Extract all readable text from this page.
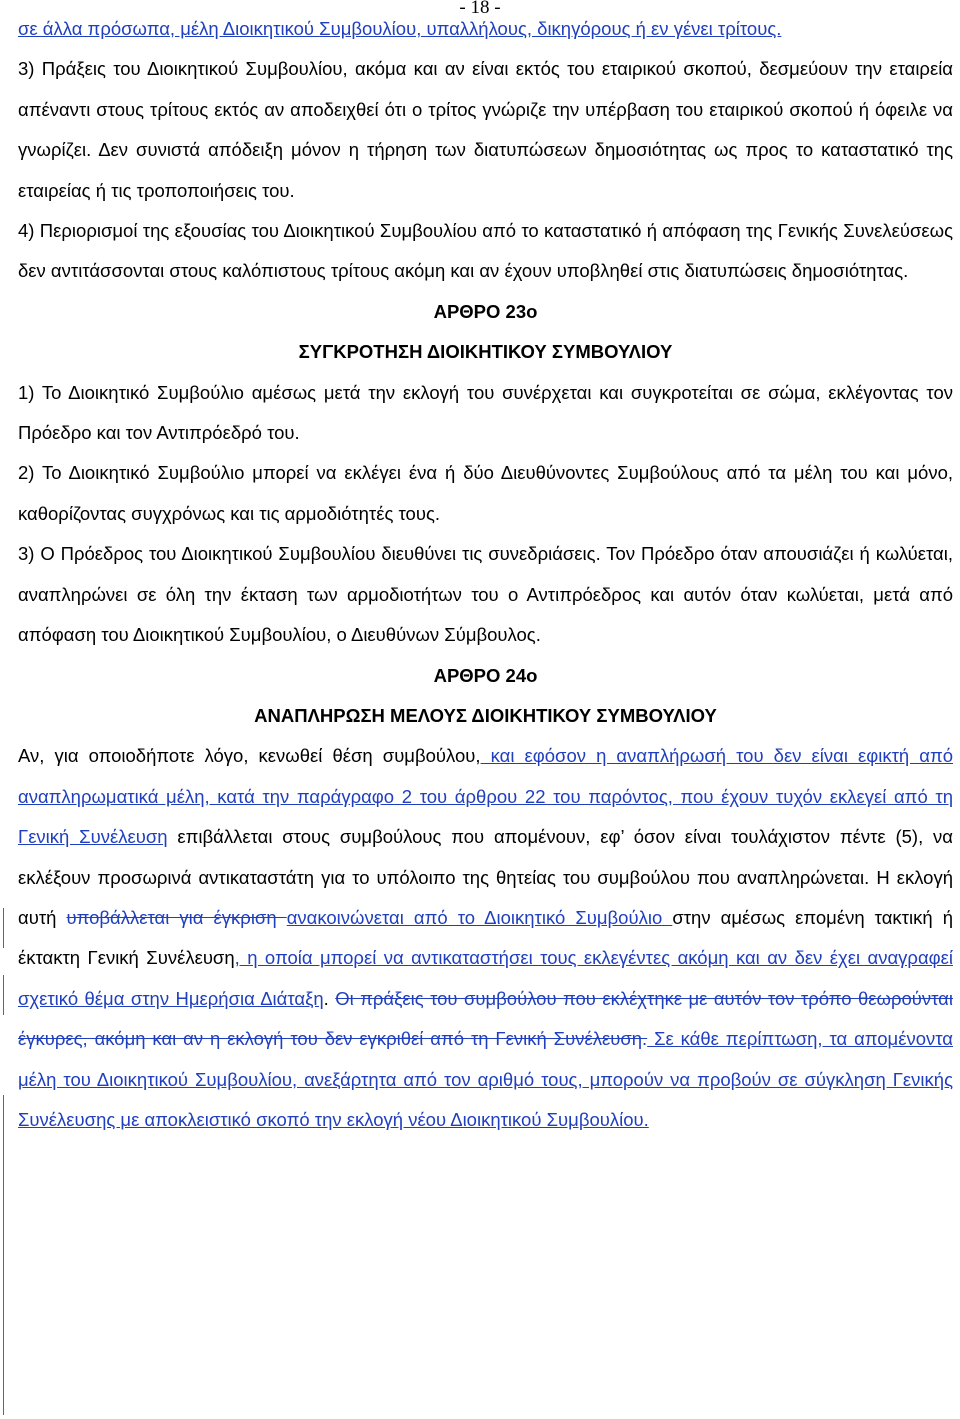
- 18 -

σε άλλα πρόσωπα, μέλη Διοικητικού Συμβουλίου, υπαλλήλους, δικηγόρους ή εν γένει τρίτους.

3) Πράξεις του Διοικητικού Συμβουλίου, ακόμα και αν είναι εκτός του εταιρικού σκοπού, δεσμεύουν την εταιρεία απέναντι στους τρίτους εκτός αν αποδειχθεί ότι ο τρίτος γνώριζε την υπέρβαση του εταιρικού σκοπού ή όφειλε να γνωρίζει. Δεν συνιστά απόδειξη μόνον η τήρηση των διατυπώσεων δημοσιότητας ως προς το καταστατικό της εταιρείας ή τις τροποποιήσεις του.

4) Περιορισμοί της εξουσίας του Διοικητικού Συμβουλίου από το καταστατικό ή απόφαση της Γενικής Συνελεύσεως δεν αντιτάσσονται στους καλόπιστους τρίτους ακόμη και αν έχουν υποβληθεί στις διατυπώσεις δημοσιότητας.

ΑΡΘΡΟ 23ο

ΣΥΓΚΡΟΤΗΣΗ ΔΙΟΙΚΗΤΙΚΟΥ ΣΥΜΒΟΥΛΙΟΥ

1) Το Διοικητικό Συμβούλιο αμέσως μετά την εκλογή του συνέρχεται και συγκροτείται σε σώμα, εκλέγοντας τον Πρόεδρο και τον Αντιπρόεδρό του.

2) Το Διοικητικό Συμβούλιο μπορεί να εκλέγει ένα ή δύο Διευθύνοντες Συμβούλους από τα μέλη του και μόνο, καθορίζοντας συγχρόνως και τις αρμοδιότητές τους.

3) Ο Πρόεδρος του Διοικητικού Συμβουλίου διευθύνει τις συνεδριάσεις. Τον Πρόεδρο όταν απουσιάζει ή κωλύεται, αναπληρώνει σε όλη την έκταση των αρμοδιοτήτων του ο Αντιπρόεδρος και αυτόν όταν κωλύεται, μετά από απόφαση του Διοικητικού Συμβουλίου, ο Διευθύνων Σύμβουλος.

ΑΡΘΡΟ 24ο

ΑΝΑΠΛΗΡΩΣΗ ΜΕΛΟΥΣ ΔΙΟΙΚΗΤΙΚΟΥ ΣΥΜΒΟΥΛΙΟΥ

Αν, για οποιοδήποτε λόγο, κενωθεί θέση συμβούλου, και εφόσον η αναπλήρωσή του δεν είναι εφικτή από αναπληρωματικά μέλη, κατά την παράγραφο 2 του άρθρου 22 του παρόντος, που έχουν τυχόν εκλεγεί από τη Γενική Συνέλευση επιβάλλεται στους συμβούλους που απομένουν, εφ’ όσον είναι τουλάχιστον πέντε (5), να εκλέξουν προσωρινά αντικαταστάτη για το υπόλοιπο της θητείας του συμβούλου που αναπληρώνεται. Η εκλογή αυτή υποβάλλεται για έγκριση ανακοινώνεται από το Διοικητικό Συμβούλιο στην αμέσως επομένη τακτική ή έκτακτη Γενική Συνέλευση, η οποία μπορεί να αντικαταστήσει τους εκλεγέντες ακόμη και αν δεν έχει αναγραφεί σχετικό θέμα στην Ημερήσια Διάταξη. Οι πράξεις του συμβούλου που εκλέχτηκε με αυτόν τον τρόπο θεωρούνται έγκυρες, ακόμη και αν η εκλογή του δεν εγκριθεί από τη Γενική Συνέλευση. Σε κάθε περίπτωση, τα απομένοντα μέλη του Διοικητικού Συμβουλίου, ανεξάρτητα από τον αριθμό τους, μπορούν να προβούν σε σύγκληση Γενικής Συνέλευσης με αποκλειστικό σκοπό την εκλογή νέου Διοικητικού Συμβουλίου.
